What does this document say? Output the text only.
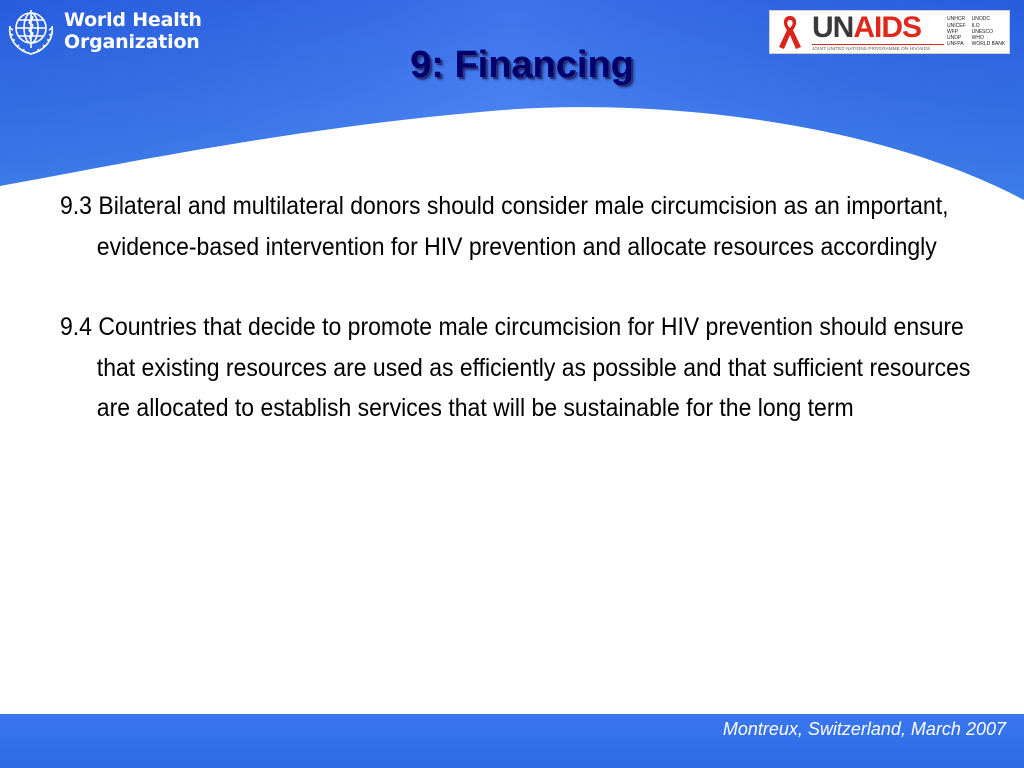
World Health
Organization	UNAIDS
JOINT UNITED NATIONS PROGRAMME ON HIV/AIDS
UNHCR UNODC
UNICEF ILO
WFP	UNESCO
UNDP	WHO
UNFPA	WORLD BANK
9: Financing

9.3 Bilateral and multilateral donors should consider male circumcision as an important, evidence-based intervention for HIV prevention and allocate resources accordingly

9.4 Countries that decide to promote male circumcision for HIV prevention should ensure that existing resources are used as efficiently as possible and that sufficient resources are allocated to establish services that will be sustainable for the long term

Montreux, Switzerland, March 2007
